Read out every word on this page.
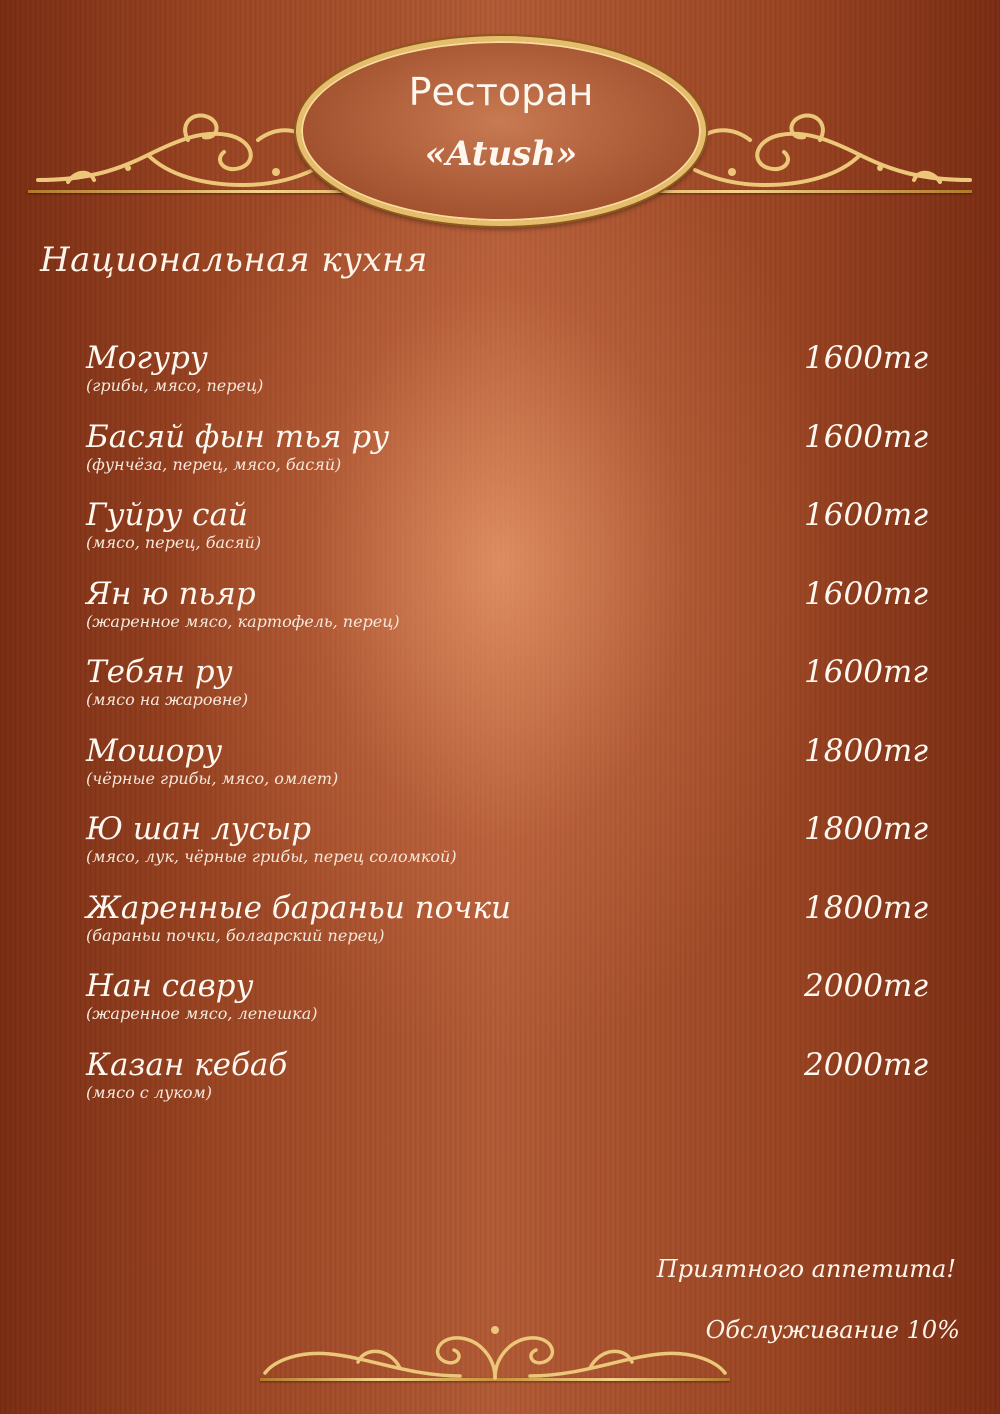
Ресторан
«Atush»
Национальная кухня
Могуру
(грибы, мясо, перец)
1600тг
Басяй фын тья ру
(фунчёза, перец, мясо, басяй)
1600тг
Гуйру сай
(мясо, перец, басяй)
1600тг
Ян ю пьяр
(жаренное мясо, картофель, перец)
1600тг
Тебян ру
(мясо на жаровне)
1600тг
Мошору
(чёрные грибы, мясо, омлет)
1800тг
Ю шан лусыр
(мясо, лук, чёрные грибы, перец соломкой)
1800тг
Жаренные бараньи почки
(бараньи почки, болгарский перец)
1800тг
Нан савру
(жаренное мясо, лепешка)
2000тг
Казан кебаб
(мясо с луком)
2000тг
Приятного аппетита!
Обслуживание 10%
